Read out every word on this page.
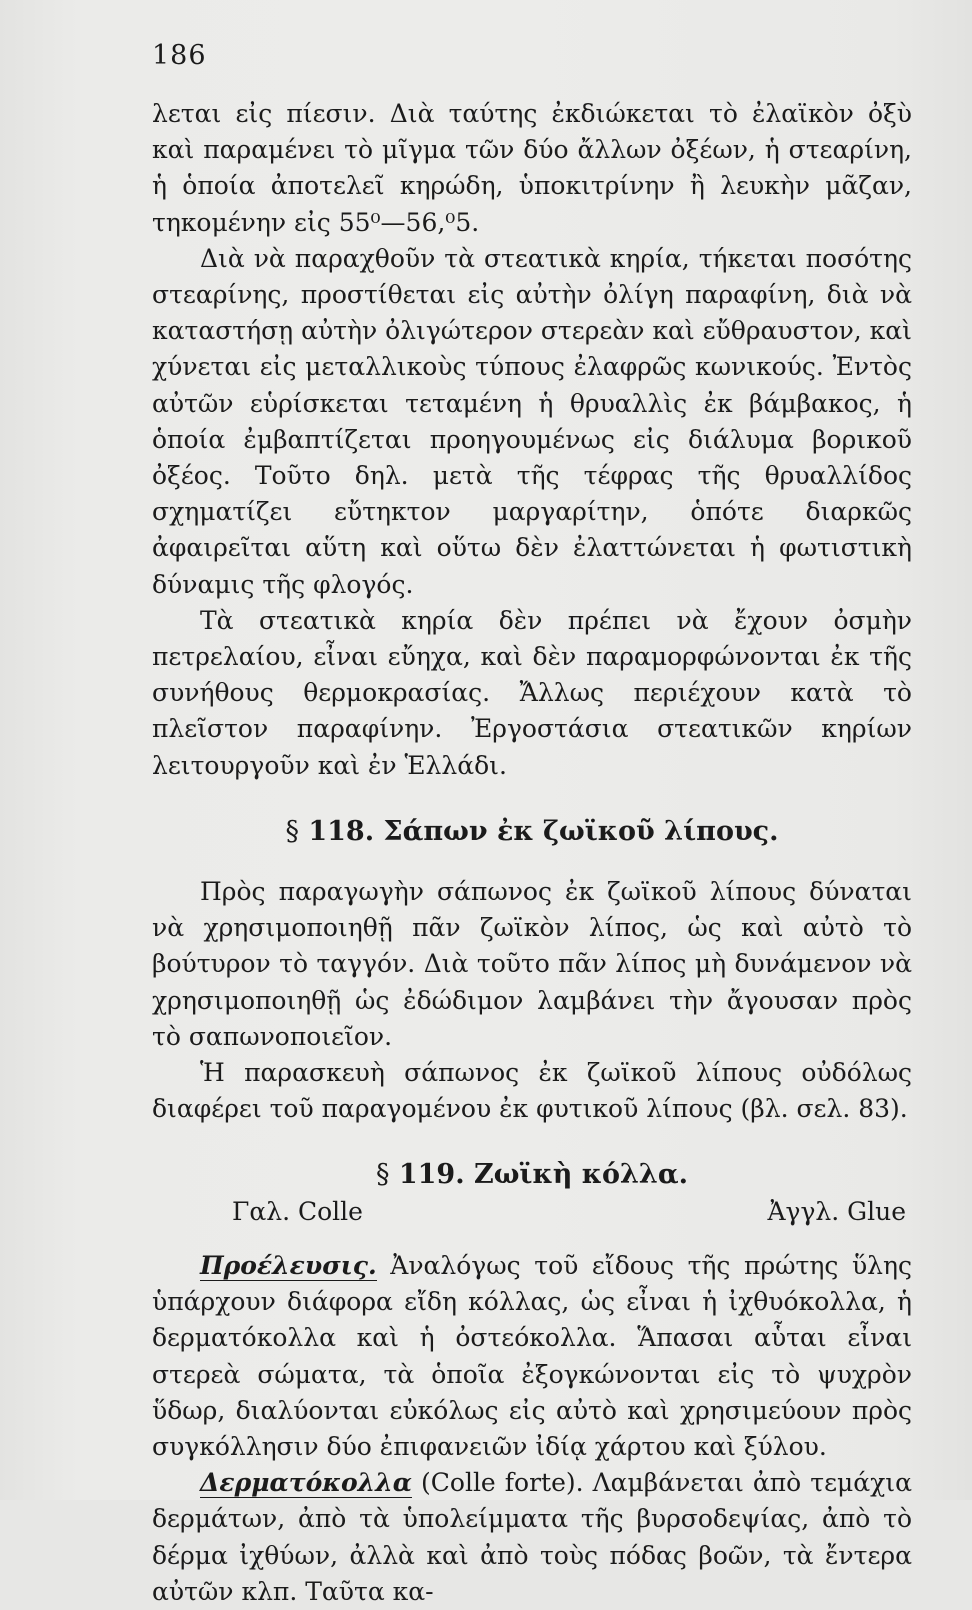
186

λεται εἰς πίεσιν. Διὰ ταύτης ἐκδιώκεται τὸ ἐλαϊκὸν ὀξὺ καὶ παραμένει τὸ μῖγμα τῶν δύο ἄλλων ὀξέων, ἡ στεαρίνη, ἡ ὁποία ἀποτελεῖ κηρώδη, ὑποκιτρίνην ἢ λευκὴν μᾶζαν, τηκομένην εἰς 55⁰—56,⁰5.

Διὰ νὰ παραχθοῦν τὰ στεατικὰ κηρία, τήκεται ποσότης στεαρίνης, προστίθεται εἰς αὐτὴν ὀλίγη παραφίνη, διὰ νὰ καταστήσῃ αὐτὴν ὀλιγώτερον στερεὰν καὶ εὔθραυστον, καὶ χύνεται εἰς μεταλλικοὺς τύπους ἐλαφρῶς κωνικούς. Ἐντὸς αὐτῶν εὑρίσκεται τεταμένη ἡ θρυαλλὶς ἐκ βάμβακος, ἡ ὁποία ἐμβαπτίζεται προηγουμένως εἰς διάλυμα βορικοῦ ὀξέος. Τοῦτο δηλ. μετὰ τῆς τέφρας τῆς θρυαλλίδος σχηματίζει εὔτηκτον μαργαρίτην, ὁπότε διαρκῶς ἀφαιρεῖται αὕτη καὶ οὕτω δὲν ἐλαττώνεται ἡ φωτιστικὴ δύναμις τῆς φλογός.

Τὰ στεατικὰ κηρία δὲν πρέπει νὰ ἔχουν ὀσμὴν πετρελαίου, εἶναι εὔηχα, καὶ δὲν παραμορφώνονται ἐκ τῆς συνήθους θερμοκρασίας. Ἄλλως περιέχουν κατὰ τὸ πλεῖστον παραφίνην. Ἐργοστάσια στεατικῶν κηρίων λειτουργοῦν καὶ ἐν Ἑλλάδι.

§ 118. Σάπων ἐκ ζωϊκοῦ λίπους.

Πρὸς παραγωγὴν σάπωνος ἐκ ζωϊκοῦ λίπους δύναται νὰ χρησιμοποιηθῇ πᾶν ζωϊκὸν λίπος, ὡς καὶ αὐτὸ τὸ βούτυρον τὸ ταγγόν. Διὰ τοῦτο πᾶν λίπος μὴ δυνάμενον νὰ χρησιμοποιηθῇ ὡς ἐδώδιμον λαμβάνει τὴν ἄγουσαν πρὸς τὸ σαπωνοποιεῖον.

Ἡ παρασκευὴ σάπωνος ἐκ ζωϊκοῦ λίπους οὐδόλως διαφέρει τοῦ παραγομένου ἐκ φυτικοῦ λίπους (βλ. σελ. 83).

§ 119. Ζωϊκὴ κόλλα.
Γαλ. Colle	Ἀγγλ. Glue

Προέλευσις. Ἀναλόγως τοῦ εἴδους τῆς πρώτης ὕλης ὑπάρχουν διάφορα εἴδη κόλλας, ὡς εἶναι ἡ ἰχθυόκολλα, ἡ δερματόκολλα καὶ ἡ ὀστεόκολλα. Ἅπασαι αὗται εἶναι στερεὰ σώματα, τὰ ὁποῖα ἐξογκώνονται εἰς τὸ ψυχρὸν ὕδωρ, διαλύονται εὐκόλως εἰς αὐτὸ καὶ χρησιμεύουν πρὸς συγκόλλησιν δύο ἐπιφανειῶν ἰδίᾳ χάρτου καὶ ξύλου.

Δερματόκολλα (Colle forte). Λαμβάνεται ἀπὸ τεμάχια δερμάτων, ἀπὸ τὰ ὑπολείμματα τῆς βυρσοδεψίας, ἀπὸ τὸ δέρμα ἰχθύων, ἀλλὰ καὶ ἀπὸ τοὺς πόδας βοῶν, τὰ ἔντερα αὐτῶν κλπ. Ταῦτα κα-
